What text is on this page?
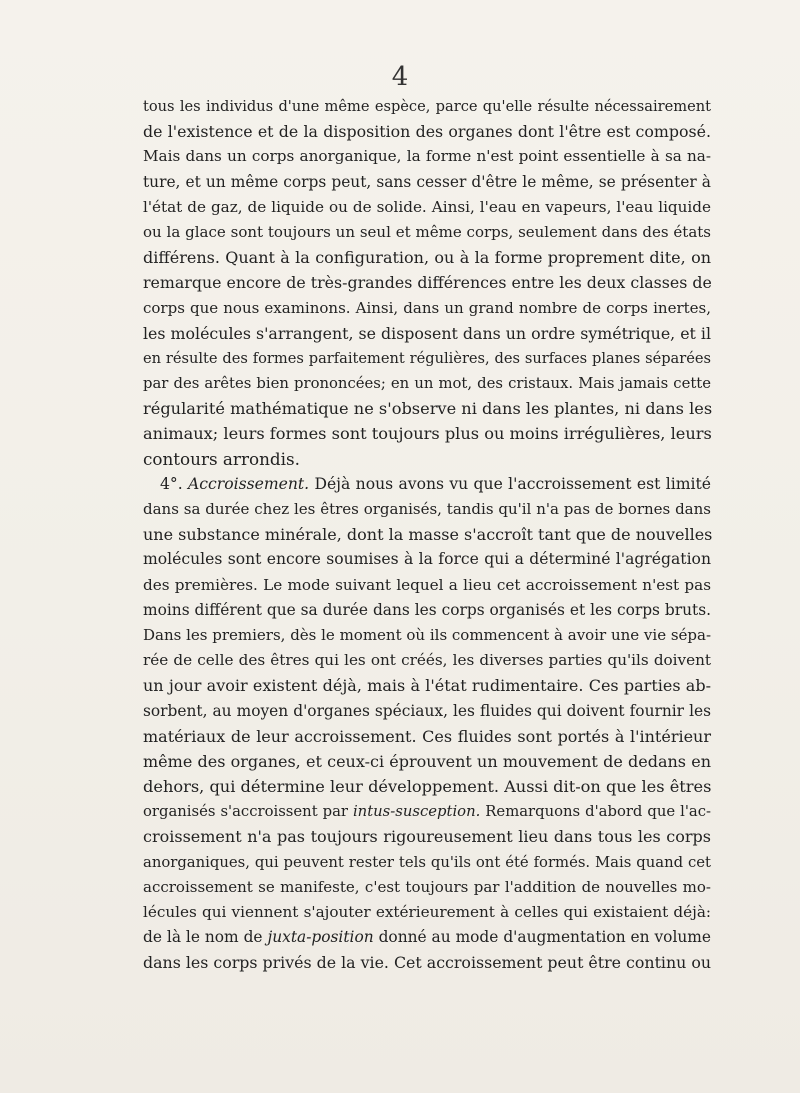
4
tous les individus d'une même espèce, parce qu'elle résulte nécessairement
de l'existence et de la disposition des organes dont l'être est composé.
Mais dans un corps anorganique, la forme n'est point essentielle à sa na-
ture, et un même corps peut, sans cesser d'être le même, se présenter à
l'état de gaz, de liquide ou de solide. Ainsi, l'eau en vapeurs, l'eau liquide
ou la glace sont toujours un seul et même corps, seulement dans des états
différens. Quant à la configuration, ou à la forme proprement dite, on
remarque encore de très-grandes différences entre les deux classes de
corps que nous examinons. Ainsi, dans un grand nombre de corps inertes,
les molécules s'arrangent, se disposent dans un ordre symétrique, et il
en résulte des formes parfaitement régulières, des surfaces planes séparées
par des arêtes bien prononcées; en un mot, des cristaux. Mais jamais cette
régularité mathématique ne s'observe ni dans les plantes, ni dans les
animaux; leurs formes sont toujours plus ou moins irrégulières, leurs
contours arrondis.
4°. Accroissement. Déjà nous avons vu que l'accroissement est limité
dans sa durée chez les êtres organisés, tandis qu'il n'a pas de bornes dans
une substance minérale, dont la masse s'accroît tant que de nouvelles
molécules sont encore soumises à la force qui a déterminé l'agrégation
des premières. Le mode suivant lequel a lieu cet accroissement n'est pas
moins différent que sa durée dans les corps organisés et les corps bruts.
Dans les premiers, dès le moment où ils commencent à avoir une vie sépa-
rée de celle des êtres qui les ont créés, les diverses parties qu'ils doivent
un jour avoir existent déjà, mais à l'état rudimentaire. Ces parties ab-
sorbent, au moyen d'organes spéciaux, les fluides qui doivent fournir les
matériaux de leur accroissement. Ces fluides sont portés à l'intérieur
même des organes, et ceux-ci éprouvent un mouvement de dedans en
dehors, qui détermine leur développement. Aussi dit-on que les êtres
organisés s'accroissent par intus-susception. Remarquons d'abord que l'ac-
croissement n'a pas toujours rigoureusement lieu dans tous les corps
anorganiques, qui peuvent rester tels qu'ils ont été formés. Mais quand cet
accroissement se manifeste, c'est toujours par l'addition de nouvelles mo-
lécules qui viennent s'ajouter extérieurement à celles qui existaient déjà:
de là le nom de juxta-position donné au mode d'augmentation en volume
dans les corps privés de la vie. Cet accroissement peut être continu ou
